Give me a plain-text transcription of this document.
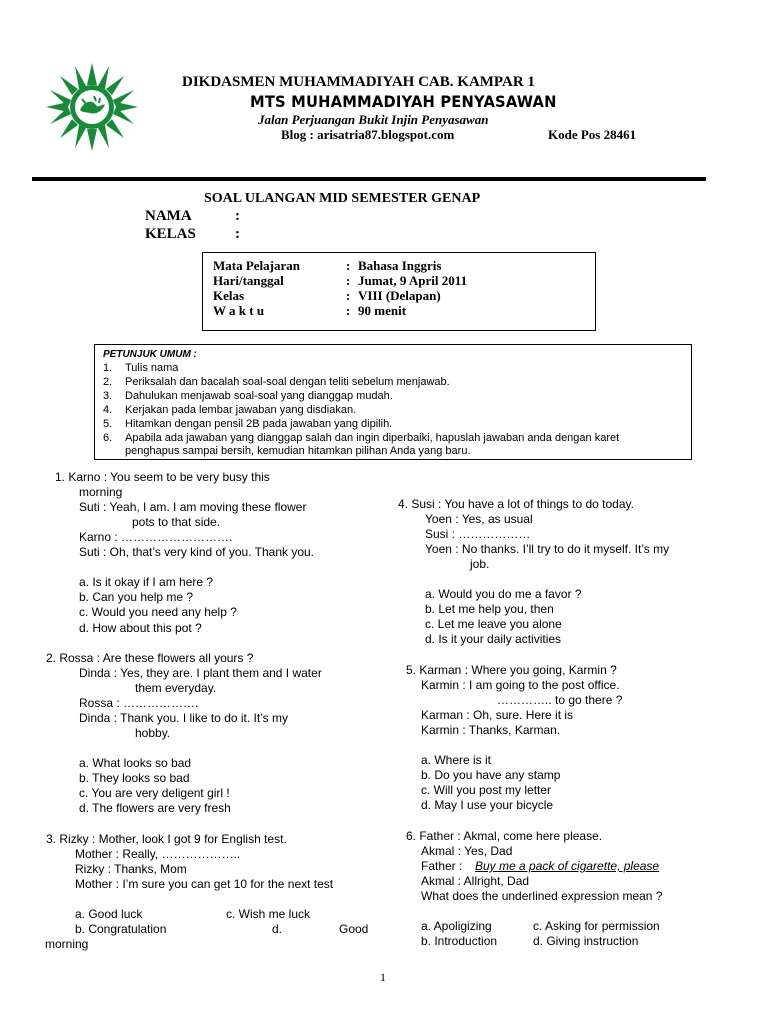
DIKDASMEN MUHAMMADIYAH CAB. KAMPAR 1
MTS MUHAMMADIYAH PENYASAWAN
Jalan Perjuangan Bukit Injin Penyasawan
Blog : arisatria87.blogspot.com	Kode Pos 28461
SOAL ULANGAN MID SEMESTER GENAP
NAMA	:
KELAS	:
Mata Pelajaran	: Bahasa Inggris
Hari/tanggal	: Jumat, 9 April 2011
Kelas	: VIII (Delapan)
W a k t u	: 90 menit
PETUNJUK UMUM :
1. Tulis nama
2. Periksalah dan bacalah soal-soal dengan teliti sebelum menjawab.
3. Dahulukan menjawab soal-soal yang dianggap mudah.
4. Kerjakan pada lembar jawaban yang disdiakan.
5. Hitamkan dengan pensil 2B pada jawaban yang dipilih.
6. Apabila ada jawaban yang dianggap salah dan ingin diperbaiki, hapuslah jawaban anda dengan karet
penghapus sampai bersih, kemudian hitamkan pilihan Anda yang baru.
1. Karno : You seem to be very busy this
morning
Suti : Yeah, I am. I am moving these flower
pots to that side.
Karno : ……………………….
Suti : Oh, that’s very kind of you. Thank you.
a. Is it okay if I am here ?
b. Can you help me ?
c. Would you need any help ?
d. How about this pot ?
2. Rossa : Are these flowers all yours ?
Dinda : Yes, they are. I plant them and I water
them everyday.
Rossa : ……………….
Dinda : Thank you. I like to do it. It’s my
hobby.
a. What looks so bad
b. They looks so bad
c. You are very deligent girl !
d. The flowers are very fresh
3. Rizky : Mother, look I got 9 for English test.
Mother : Really, ………………..
Rizky : Thanks, Mom
Mother : I’m sure you can get 10 for the next test
a. Good luck	c. Wish me luck
b. Congratulation	d.	Good
morning
4. Susi : You have a lot of things to do today.
Yoen : Yes, as usual
Susi : ………………
Yoen : No thanks. I’ll try to do it myself. It’s my
job.
a. Would you do me a favor ?
b. Let me help you, then
c. Let me leave you alone
d. Is it your daily activities
5. Karman : Where you going, Karmin ?
Karmin : I am going to the post office.
………….. to go there ?
Karman : Oh, sure. Here it is
Karmin : Thanks, Karman.
a. Where is it
b. Do you have any stamp
c. Will you post my letter
d. May I use your bicycle
6. Father : Akmal, come here please.
Akmal : Yes, Dad
Father : Buy me a pack of cigarette, please
Akmal : Allright, Dad
What does the underlined expression mean ?
a. Apoligizing	c. Asking for permission
b. Introduction	d. Giving instruction
1
